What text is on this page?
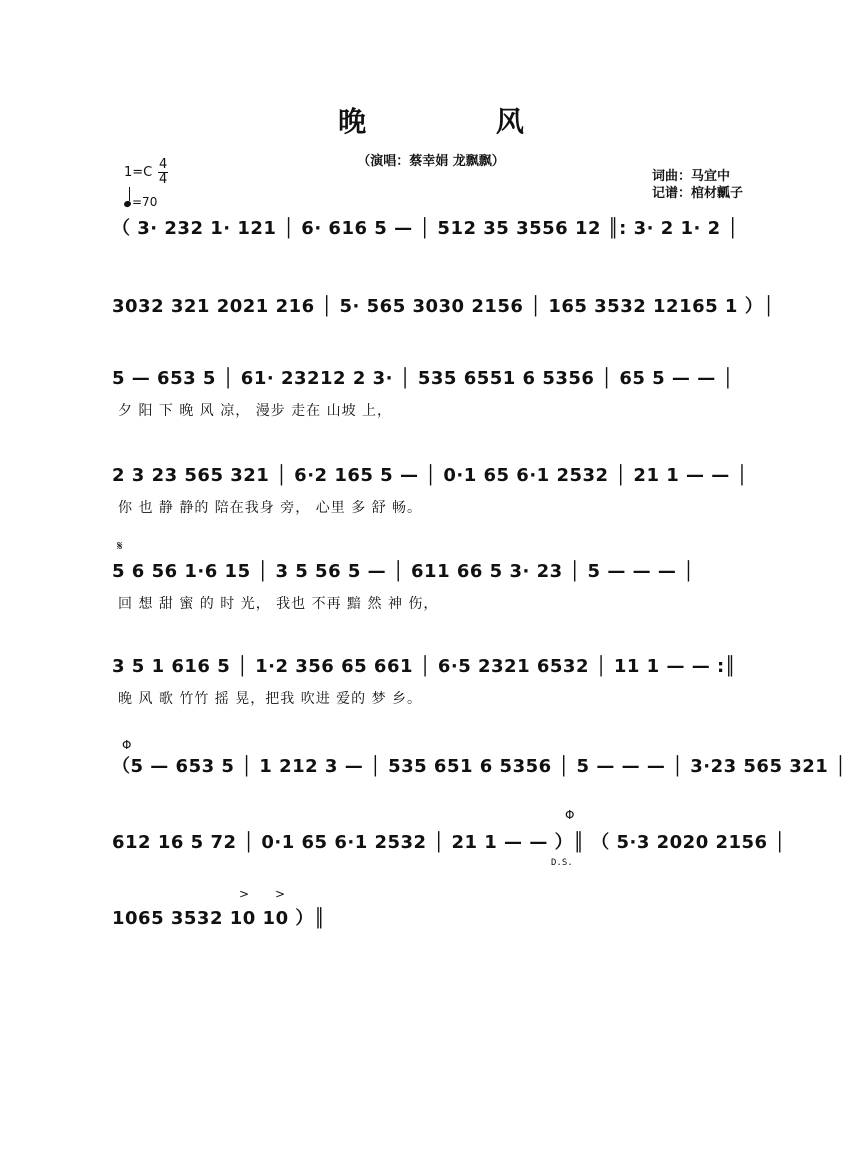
晚 风
（演唱：蔡幸娟 龙飘飘）
1=C
4
4
=70
词曲：马宜中
记谱：棺材瓤子
（ 3· 232 1· 121 │ 6· 616 5 — │ 512 35 3556 12 ║: 3· 2 1· 2 │
3032 321 2021 216 │ 5· 565 3030 2156 │ 165 3532 12165 1 ）│
5 — 653 5 │ 61· 23212 2 3· │ 535 6551 6 5356 │ 65 5 — — │
夕 阳 下 晚 风 凉， 漫步 走在 山坡 上，
2 3 23 565 321 │ 6·2 165 5 — │ 0·1 65 6·1 2532 │ 21 1 — — │
你 也 静 静的 陪在我身 旁， 心里 多 舒 畅。
𝄋
5 6 56 1·6 15 │ 3 5 56 5 — │ 611 66 5 3· 23 │ 5 — — — │
回 想 甜 蜜 的 时 光， 我也 不再 黯 然 神 伤，
3 5 1 616 5 │ 1·2 356 65 661 │ 6·5 2321 6532 │ 11 1 — — :║
晚 风 歌 竹竹 摇 晃，把我 吹进 爱的 梦 乡。
Φ
（5 — 653 5 │ 1 212 3 — │ 535 651 6 5356 │ 5 — — — │ 3·23 565 321 │
Φ
612 16 5 72 │ 0·1 65 6·1 2532 │ 21 1 — — ）║ （ 5·3 2020 2156 │
D.S.
> >
1065 3532 10 10 ）║
